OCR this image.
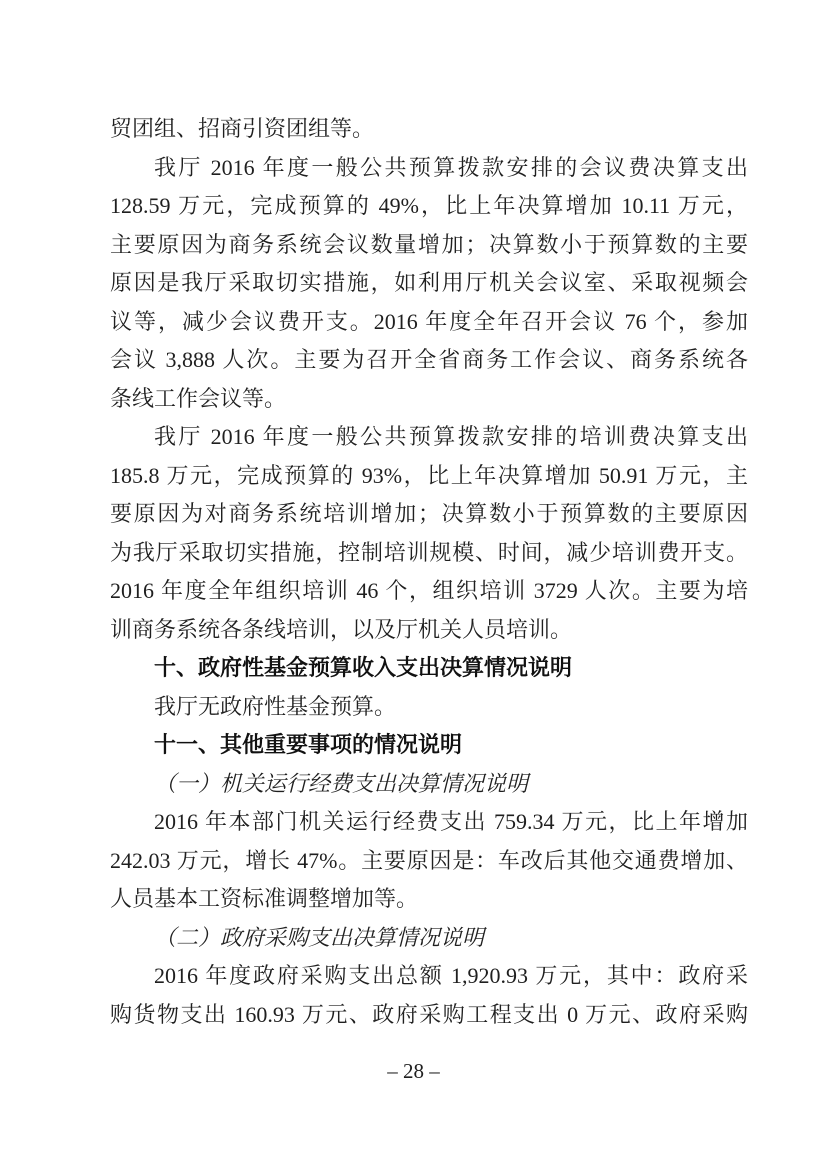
贸团组、招商引资团组等。
我厅 2016 年度一般公共预算拨款安排的会议费决算支出
128.59 万元，完成预算的 49%，比上年决算增加 10.11 万元，
主要原因为商务系统会议数量增加；决算数小于预算数的主要
原因是我厅采取切实措施，如利用厅机关会议室、采取视频会
议等，减少会议费开支。2016 年度全年召开会议 76 个，参加
会议 3,888 人次。主要为召开全省商务工作会议、商务系统各
条线工作会议等。
我厅 2016 年度一般公共预算拨款安排的培训费决算支出
185.8 万元，完成预算的 93%，比上年决算增加 50.91 万元，主
要原因为对商务系统培训增加；决算数小于预算数的主要原因
为我厅采取切实措施，控制培训规模、时间，减少培训费开支。
2016 年度全年组织培训 46 个，组织培训 3729 人次。主要为培
训商务系统各条线培训，以及厅机关人员培训。
十、政府性基金预算收入支出决算情况说明
我厅无政府性基金预算。
十一、其他重要事项的情况说明
（一）机关运行经费支出决算情况说明
2016 年本部门机关运行经费支出 759.34 万元，比上年增加
242.03 万元，增长 47%。主要原因是：车改后其他交通费增加、
人员基本工资标准调整增加等。
（二）政府采购支出决算情况说明
2016 年度政府采购支出总额 1,920.93 万元，其中：政府采
购货物支出 160.93 万元、政府采购工程支出 0 万元、政府采购
– 28 –
